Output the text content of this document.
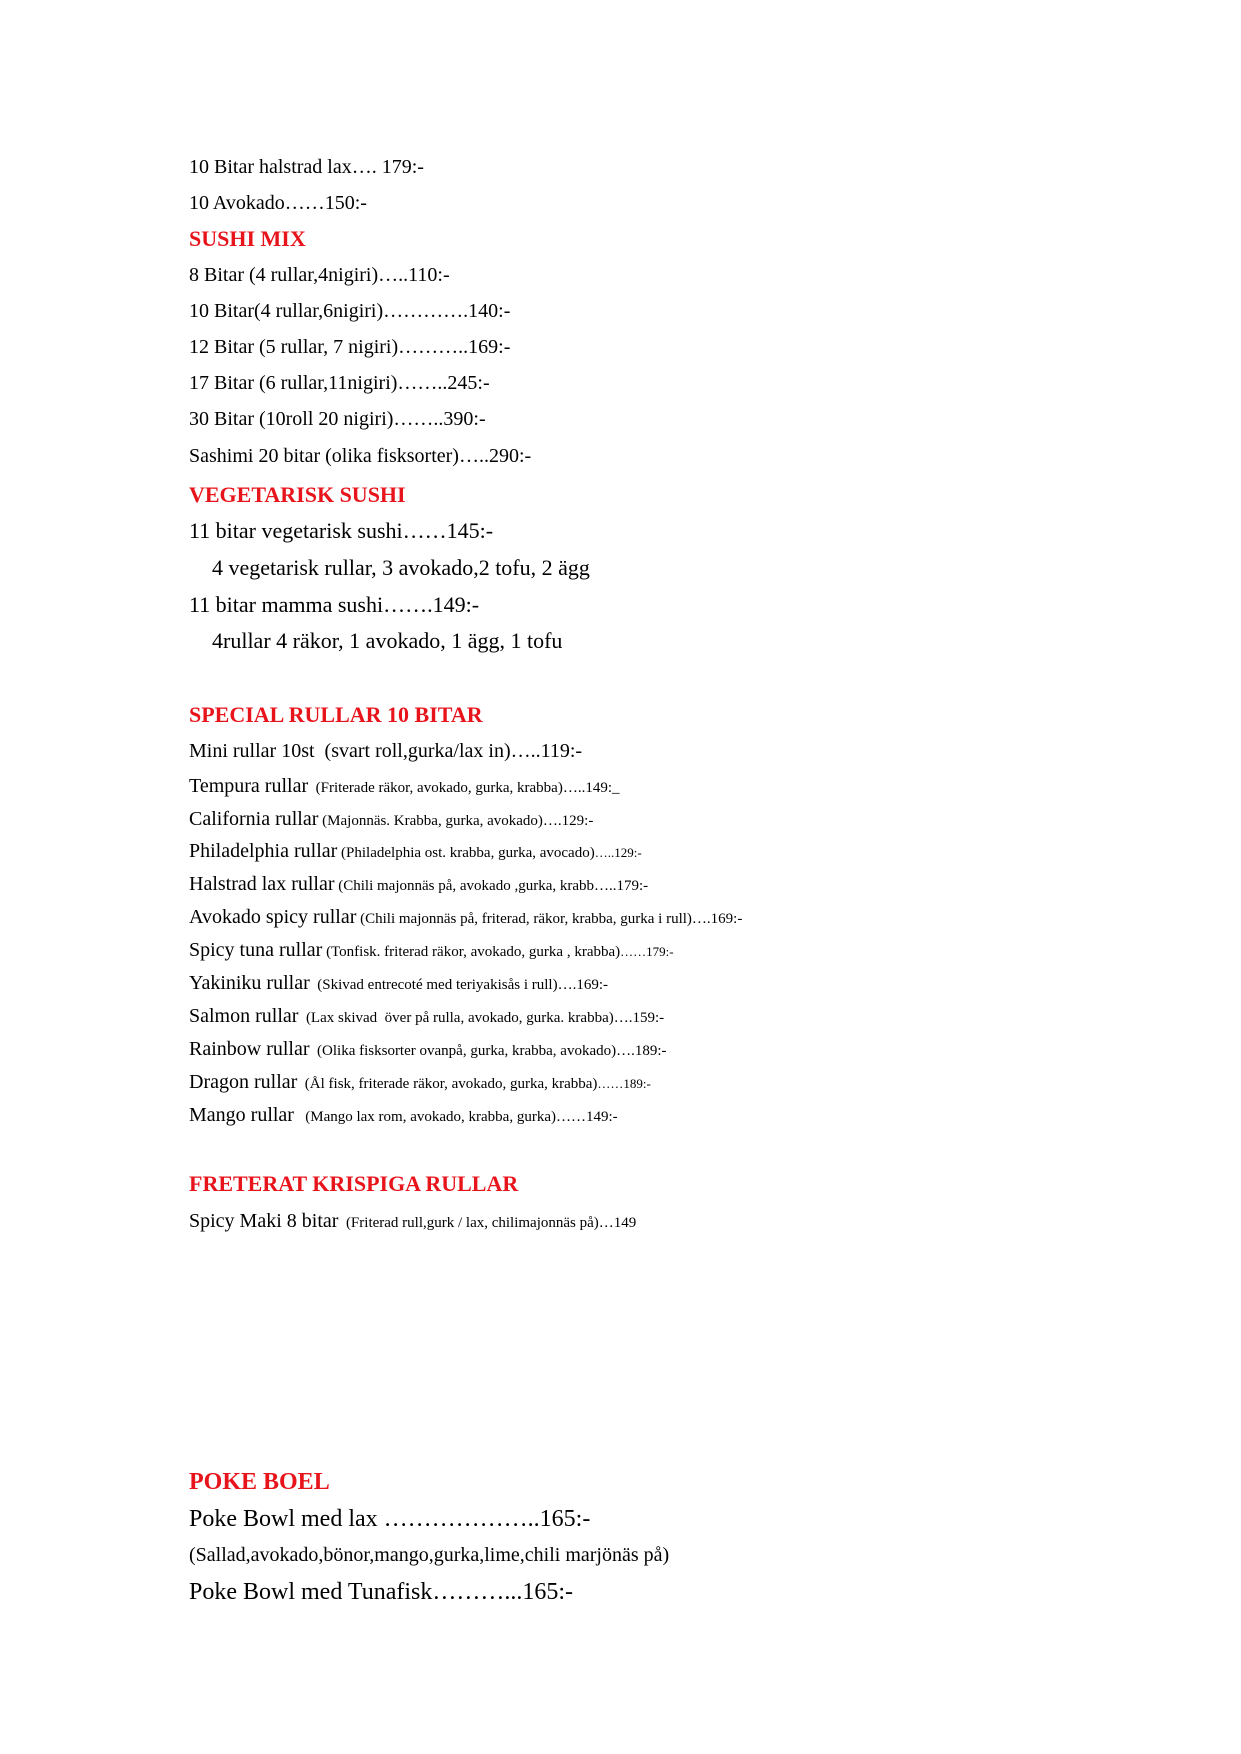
10 Bitar halstrad lax…. 179:-
10 Avokado……150:-
SUSHI MIX
8 Bitar (4 rullar,4nigiri)…..110:-
10 Bitar(4 rullar,6nigiri)………….140:-
12 Bitar (5 rullar, 7 nigiri)………..169:-
17 Bitar (6 rullar,11nigiri)……..245:-
30 Bitar (10roll 20 nigiri)……..390:-
Sashimi 20 bitar (olika fisksorter)…..290:-
VEGETARISK SUSHI
11 bitar vegetarisk sushi……145:-
4 vegetarisk rullar, 3 avokado,2 tofu, 2 ägg
11 bitar mamma sushi…….149:-
4rullar 4 räkor, 1 avokado, 1 ägg, 1 tofu
SPECIAL RULLAR 10 BITAR
Mini rullar 10st  (svart roll,gurka/lax in)…..119:-
Tempura rullar  (Friterade räkor, avokado, gurka, krabba)…..149:_
California rullar (Majonnäs. Krabba, gurka, avokado)….129:-
Philadelphia rullar (Philadelphia ost. krabba, gurka, avocado)…..129:-
Halstrad lax rullar (Chili majonnäs på, avokado ,gurka, krabb…..179:-
Avokado spicy rullar (Chili majonnäs på, friterad, räkor, krabba, gurka i rull)….169:-
Spicy tuna rullar (Tonfisk. friterad räkor, avokado, gurka , krabba)……179:-
Yakiniku rullar  (Skivad entrecoté med teriyakisås i rull)….169:-
Salmon rullar  (Lax skivad  över på rulla, avokado, gurka. krabba)….159:-
Rainbow rullar  (Olika fisksorter ovanpå, gurka, krabba, avokado)….189:-
Dragon rullar  (Ål fisk, friterade räkor, avokado, gurka, krabba)……189:-
Mango rullar   (Mango lax rom, avokado, krabba, gurka)……149:-
FRETERAT KRISPIGA RULLAR
Spicy Maki 8 bitar  (Friterad rull,gurk / lax, chilimajonnäs på)…149
POKE BOEL
Poke Bowl med lax ………………..165:-
(Sallad,avokado,bönor,mango,gurka,lime,chili marjönäs på)
Poke Bowl med Tunafisk………...165:-
